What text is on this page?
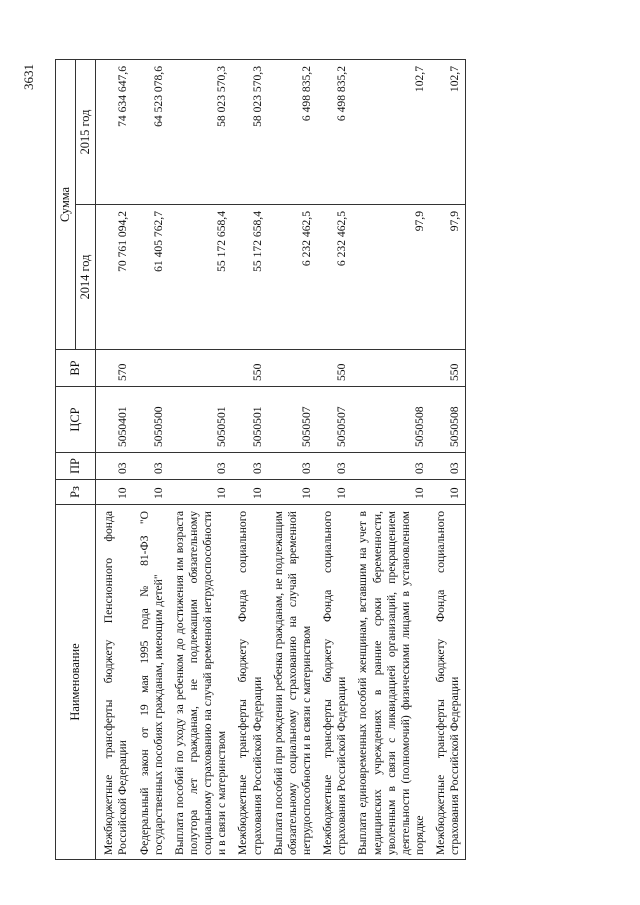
3631
Наименование	Рз	ПР	ЦСР	ВР	Сумма	
					2014 год	2015 год
Межбюджетные трансферты бюджету Пенсионного фонда Российской Федерации	10	03	5050401	570	70 761 094,2	74 634 647,6
Федеральный закон от 19 мая 1995 года № 81-ФЗ "О государственных пособиях гражданам, имеющим детей"	10	03	5050500		61 405 762,7	64 523 078,6
Выплата пособий по уходу за ребенком до достижения им возраста полутора лет гражданам, не подлежащим обязательному социальному страхованию на случай временной нетрудоспособности и в связи с материнством	10	03	5050501		55 172 658,4	58 023 570,3
Межбюджетные трансферты бюджету Фонда социального страхования Российской Федерации	10	03	5050501	550	55 172 658,4	58 023 570,3
Выплата пособий при рождении ребенка гражданам, не подлежащим обязательному социальному страхованию на случай временной нетрудоспособности и в связи с материнством	10	03	5050507		6 232 462,5	6 498 835,2
Межбюджетные трансферты бюджету Фонда социального страхования Российской Федерации	10	03	5050507	550	6 232 462,5	6 498 835,2
Выплата единовременных пособий женщинам, вставшим на учет в медицинских учреждениях в ранние сроки беременности, уволенным в связи с ликвидацией организаций, прекращением деятельности (полномочий) физическими лицами в установленном порядке	10	03	5050508		97,9	102,7
Межбюджетные трансферты бюджету Фонда социального страхования Российской Федерации	10	03	5050508	550	97,9	102,7
